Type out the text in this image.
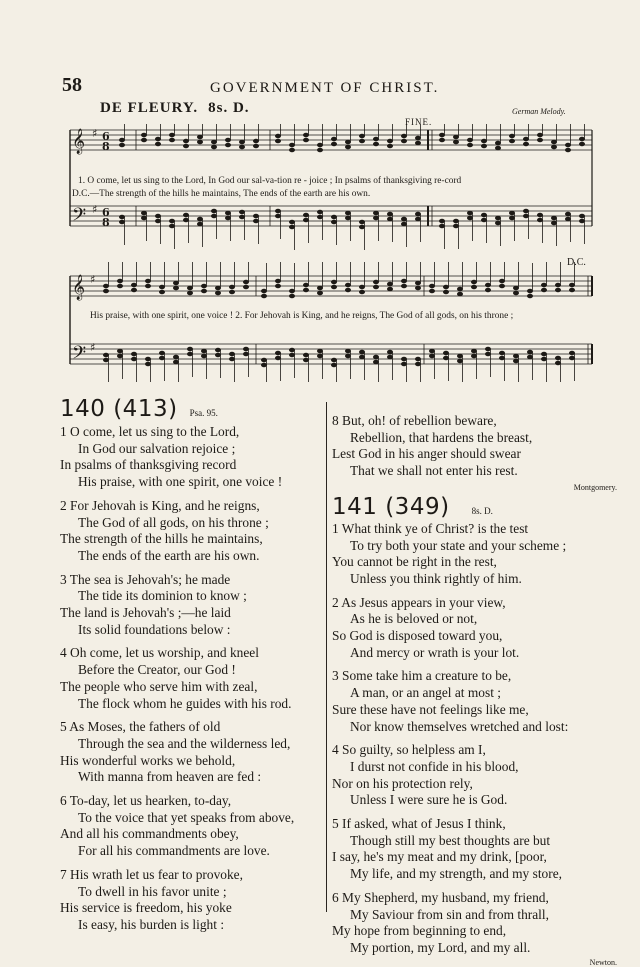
58	GOVERNMENT OF CHRIST.
DE FLEURY. 8s. D.	German Melody.
FINE.
D.C.
𝄞
𝄢
♯
♯
6
8
6
8
1. O come, let us sing to the Lord, In God our sal-va-tion re - joice ; In psalms of thanksgiving re-cord
D.C.—The strength of the hills he maintains, The ends of the earth are his own.
𝄞
𝄢
♯
♯
His praise, with one spirit, one voice ! 2. For Jehovah is King, and he reigns, The God of all gods, on his throne ;
140 (413) Psa. 95.
1 O come, let us sing to the Lord,
In God our salvation rejoice ;
In psalms of thanksgiving record
His praise, with one spirit, one voice !
2 For Jehovah is King, and he reigns,
The God of all gods, on his throne ;
The strength of the hills he maintains,
The ends of the earth are his own.
3 The sea is Jehovah's; he made
The tide its dominion to know ;
The land is Jehovah's ;—he laid
Its solid foundations below :
4 Oh come, let us worship, and kneel
Before the Creator, our God !
The people who serve him with zeal,
The flock whom he guides with his rod.
5 As Moses, the fathers of old
Through the sea and the wilderness led,
His wonderful works we behold,
With manna from heaven are fed :
6 To-day, let us hearken, to-day,
To the voice that yet speaks from above,
And all his commandments obey,
For all his commandments are love.
7 His wrath let us fear to provoke,
To dwell in his favor unite ;
His service is freedom, his yoke
Is easy, his burden is light :
8 But, oh! of rebellion beware,
Rebellion, that hardens the breast,
Lest God in his anger should swear
That we shall not enter his rest.
Montgomery.
141 (349) 8s. D.
1 What think ye of Christ? is the test
To try both your state and your scheme ;
You cannot be right in the rest,
Unless you think rightly of him.
2 As Jesus appears in your view,
As he is beloved or not,
So God is disposed toward you,
And mercy or wrath is your lot.
3 Some take him a creature to be,
A man, or an angel at most ;
Sure these have not feelings like me,
Nor know themselves wretched and lost:
4 So guilty, so helpless am I,
I durst not confide in his blood,
Nor on his protection rely,
Unless I were sure he is God.
5 If asked, what of Jesus I think,
Though still my best thoughts are but
I say, he's my meat and my drink, [poor,
My life, and my strength, and my store,
6 My Shepherd, my husband, my friend,
My Saviour from sin and from thrall,
My hope from beginning to end,
My portion, my Lord, and my all.
Newton.
